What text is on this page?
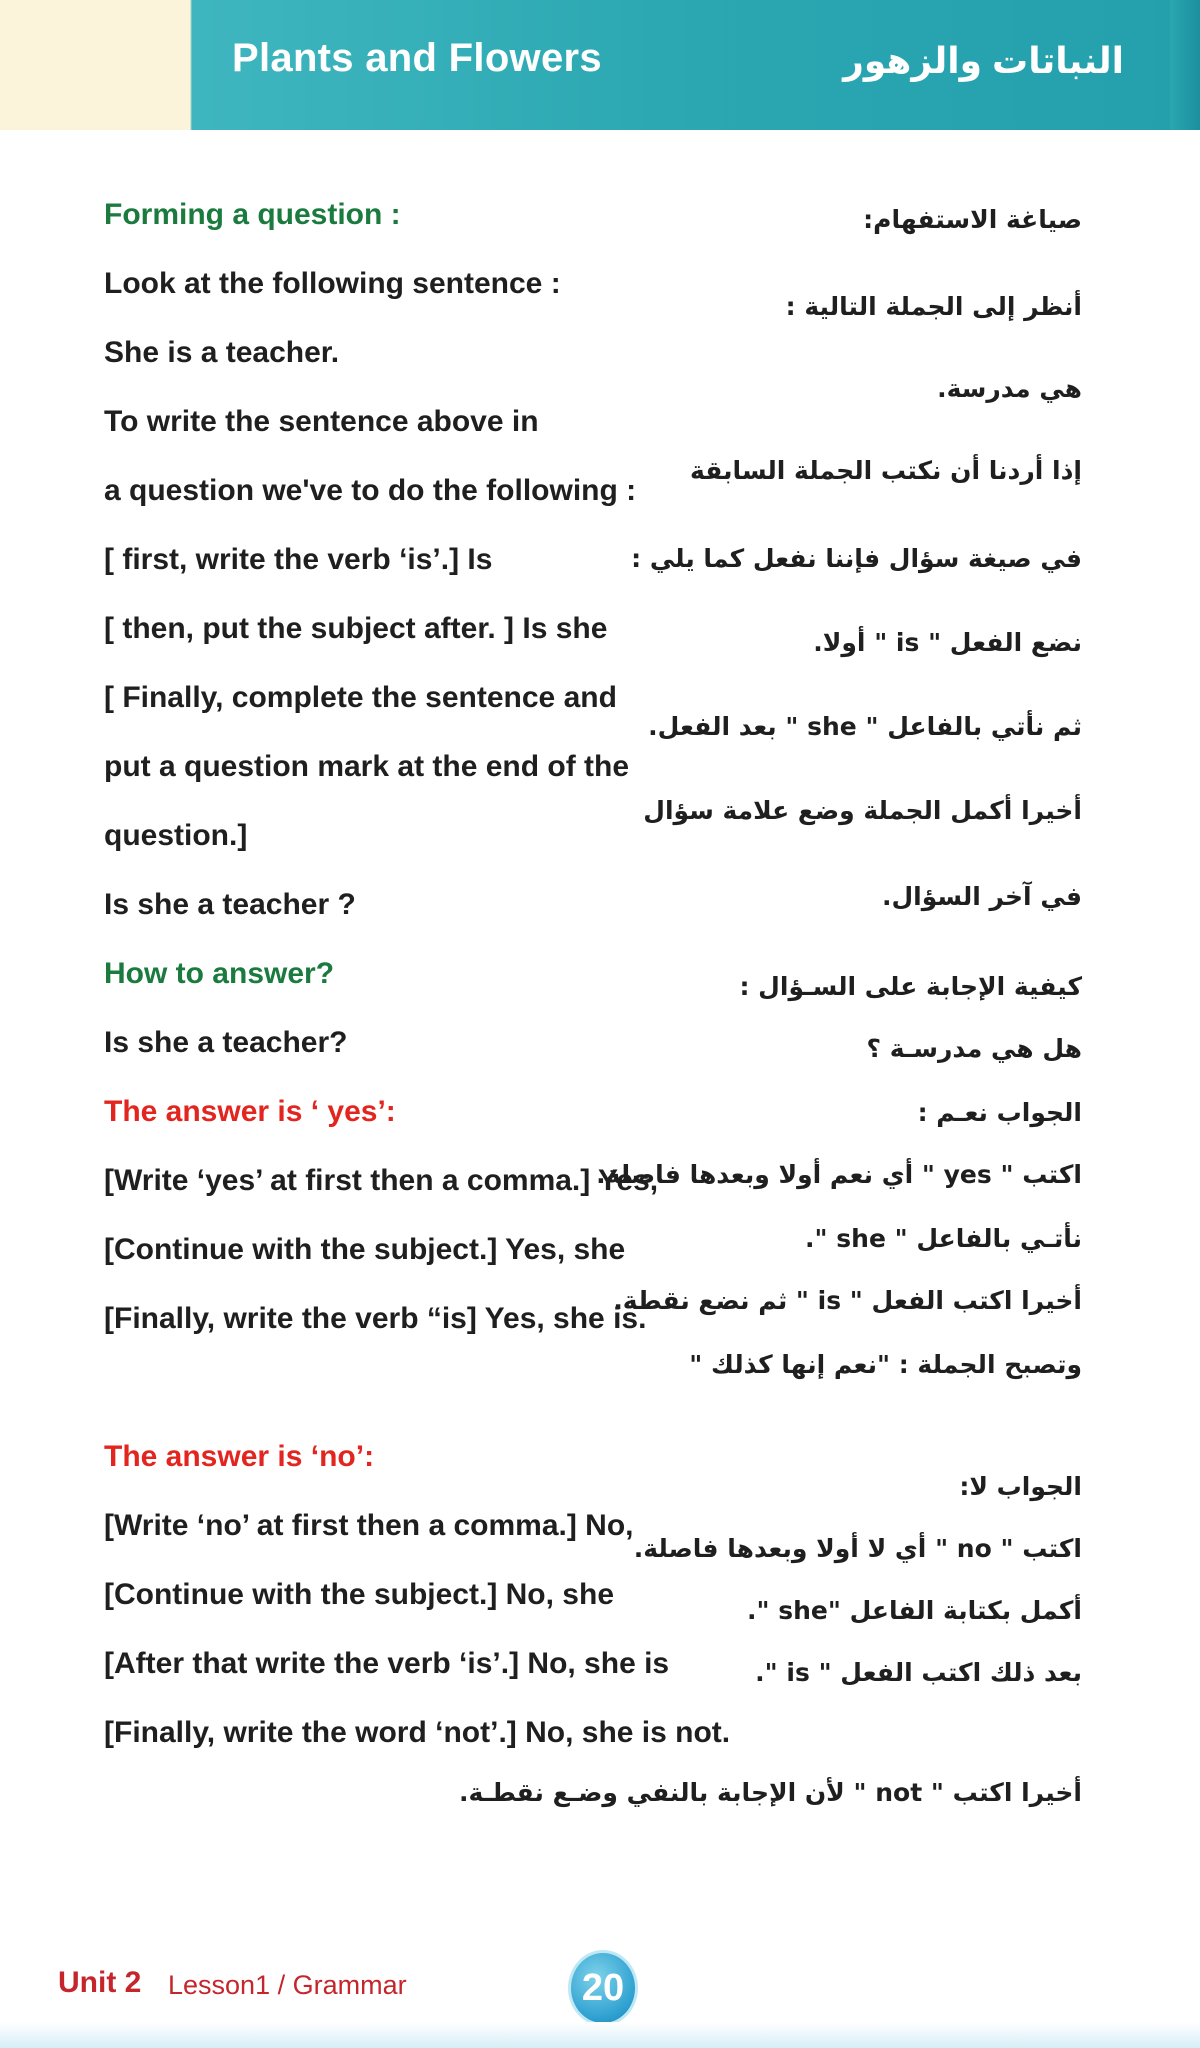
Plants and Flowers	النباتات والزهور
Forming a question :
Look at the following sentence :
She is a teacher.
To write the sentence above in
a question we've to do the following :
[ first, write the verb ‘is’.] Is
[ then, put the subject after. ] Is she
[ Finally, complete the sentence and
put a question mark at the end of the
question.]
Is she a teacher ?
How to answer?
Is she a teacher?
The answer is ‘ yes’:
[Write ‘yes’ at first then a comma.] Yes,
[Continue with the subject.] Yes, she
[Finally, write the verb “is] Yes, she is.
The answer is ‘no’:
[Write ‘no’ at first then a comma.] No,
[Continue with the subject.] No, she
[After that write the verb ‘is’.] No, she is
[Finally, write the word ‘not’.] No, she is not.
صياغة الاستفهام:
أنظر إلى الجملة التالية :
هي مدرسة.
إذا أردنا أن نكتب الجملة السابقة
في صيغة سؤال فإننا نفعل كما يلي :
نضع الفعل " is " أولا.
ثم نأتي بالفاعل " she " بعد الفعل.
أخيرا أكمل الجملة وضع علامة سؤال
في آخر السؤال.
كيفية الإجابة على السـؤال :
هل هي مدرسـة ؟
الجواب نعـم :
اكتب " yes " أي نعم أولا وبعدها فاصلة.
نأتـي بالفاعل " she ".
أخيرا اكتب الفعل " is " ثم نضع نقطة.
وتصبح الجملة : "نعم إنها كذلك "
الجواب لا:
اكتب " no " أي لا أولا وبعدها فاصلة.
أكمل بكتابة الفاعل "she ".
بعد ذلك اكتب الفعل " is ".
أخيرا اكتب " not " لأن الإجابة بالنفي وضـع نقطـة.
Unit 2 Lesson1 / Grammar	20
